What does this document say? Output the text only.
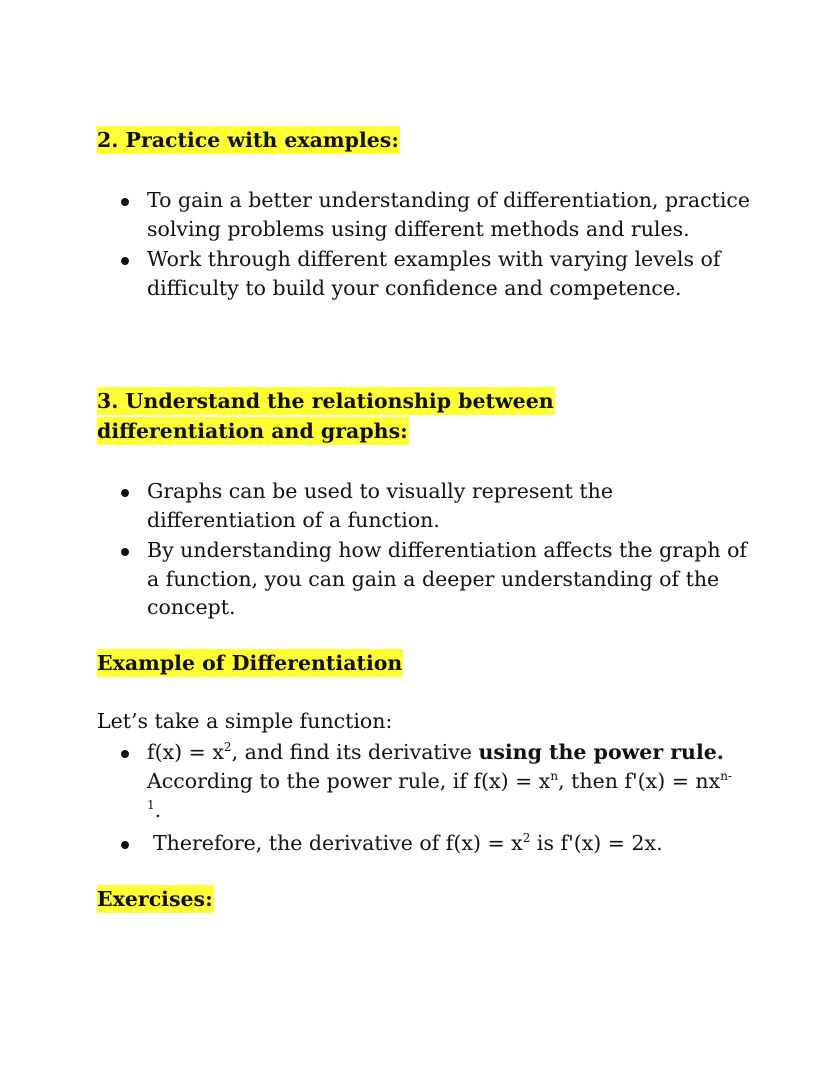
2. Practice with examples:

To gain a better understanding of differentiation, practice solving problems using different methods and rules.
Work through different examples with varying levels of difficulty to build your confidence and competence.

3. Understand the relationship between differentiation and graphs:

Graphs can be used to visually represent the differentiation of a function.
By understanding how differentiation affects the graph of a function, you can gain a deeper understanding of the concept.

Example of Differentiation

Let’s take a simple function:

$f(x) = x^2$, and find its derivative using the power rule. According to the power rule, if $f(x) = x^n$, then $f'(x) = nx^{n-1}$.
Therefore, the derivative of $f(x) = x^2$ is f'(x) = 2x.

Exercises:
